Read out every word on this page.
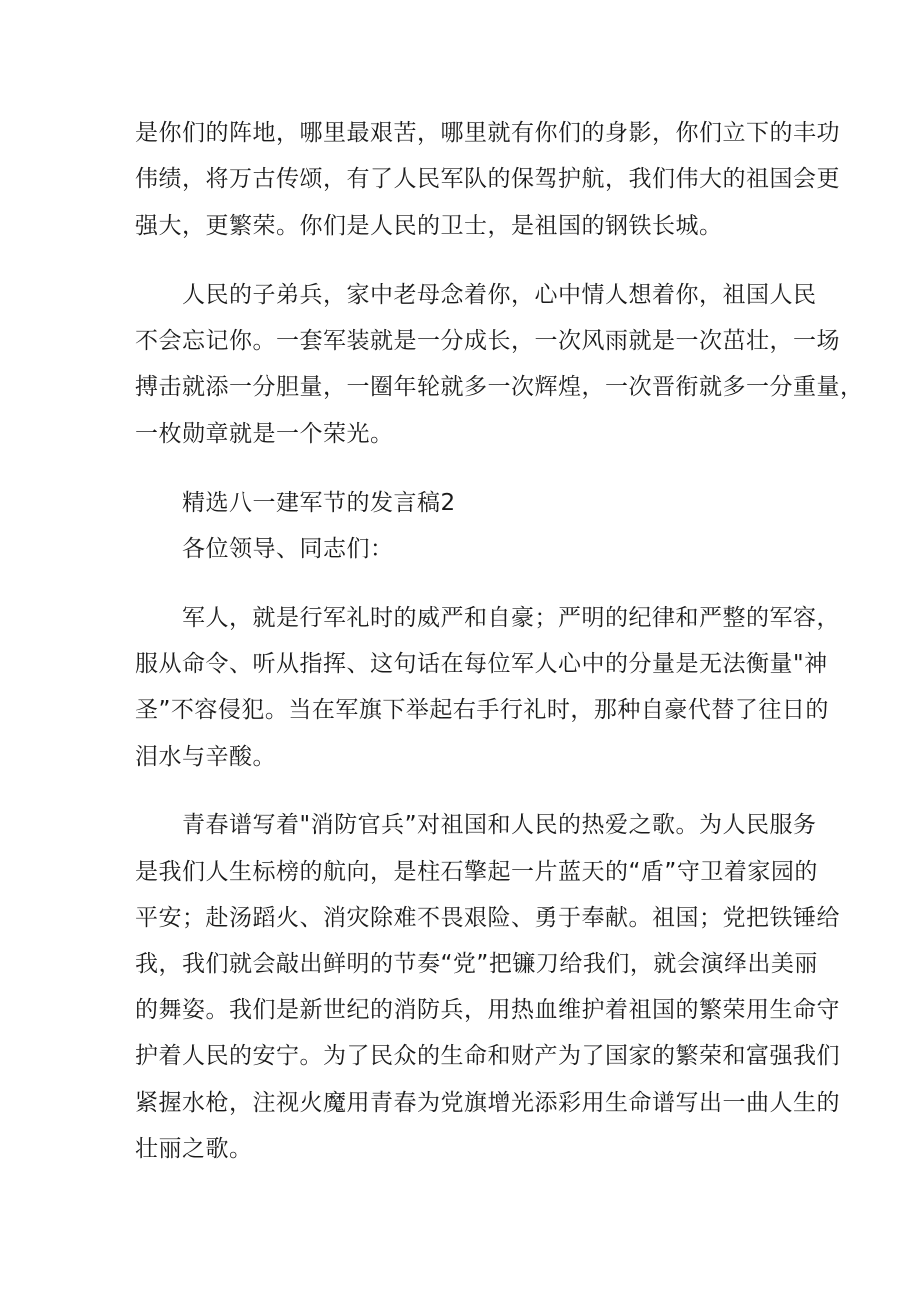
是你们的阵地，哪里最艰苦，哪里就有你们的身影，你们立下的丰功
伟绩，将万古传颂，有了人民军队的保驾护航，我们伟大的祖国会更
强大，更繁荣。你们是人民的卫士，是祖国的钢铁长城。
人民的子弟兵，家中老母念着你，心中情人想着你，祖国人民
不会忘记你。一套军装就是一分成长，一次风雨就是一次茁壮，一场
搏击就添一分胆量，一圈年轮就多一次辉煌，一次晋衔就多一分重量，
一枚勋章就是一个荣光。
精选八一建军节的发言稿2
各位领导、同志们：
军人，就是行军礼时的威严和自豪；严明的纪律和严整的军容，
服从命令、听从指挥、这句话在每位军人心中的分量是无法衡量"神
圣”不容侵犯。当在军旗下举起右手行礼时，那种自豪代替了往日的
泪水与辛酸。
青春谱写着"消防官兵”对祖国和人民的热爱之歌。为人民服务
是我们人生标榜的航向，是柱石擎起一片蓝天的“盾”守卫着家园的
平安；赴汤蹈火、消灾除难不畏艰险、勇于奉献。祖国；党把铁锤给
我，我们就会敲出鲜明的节奏“党”把镰刀给我们，就会演绎出美丽
的舞姿。我们是新世纪的消防兵，用热血维护着祖国的繁荣用生命守
护着人民的安宁。为了民众的生命和财产为了国家的繁荣和富强我们
紧握水枪，注视火魔用青春为党旗增光添彩用生命谱写出一曲人生的
壮丽之歌。
